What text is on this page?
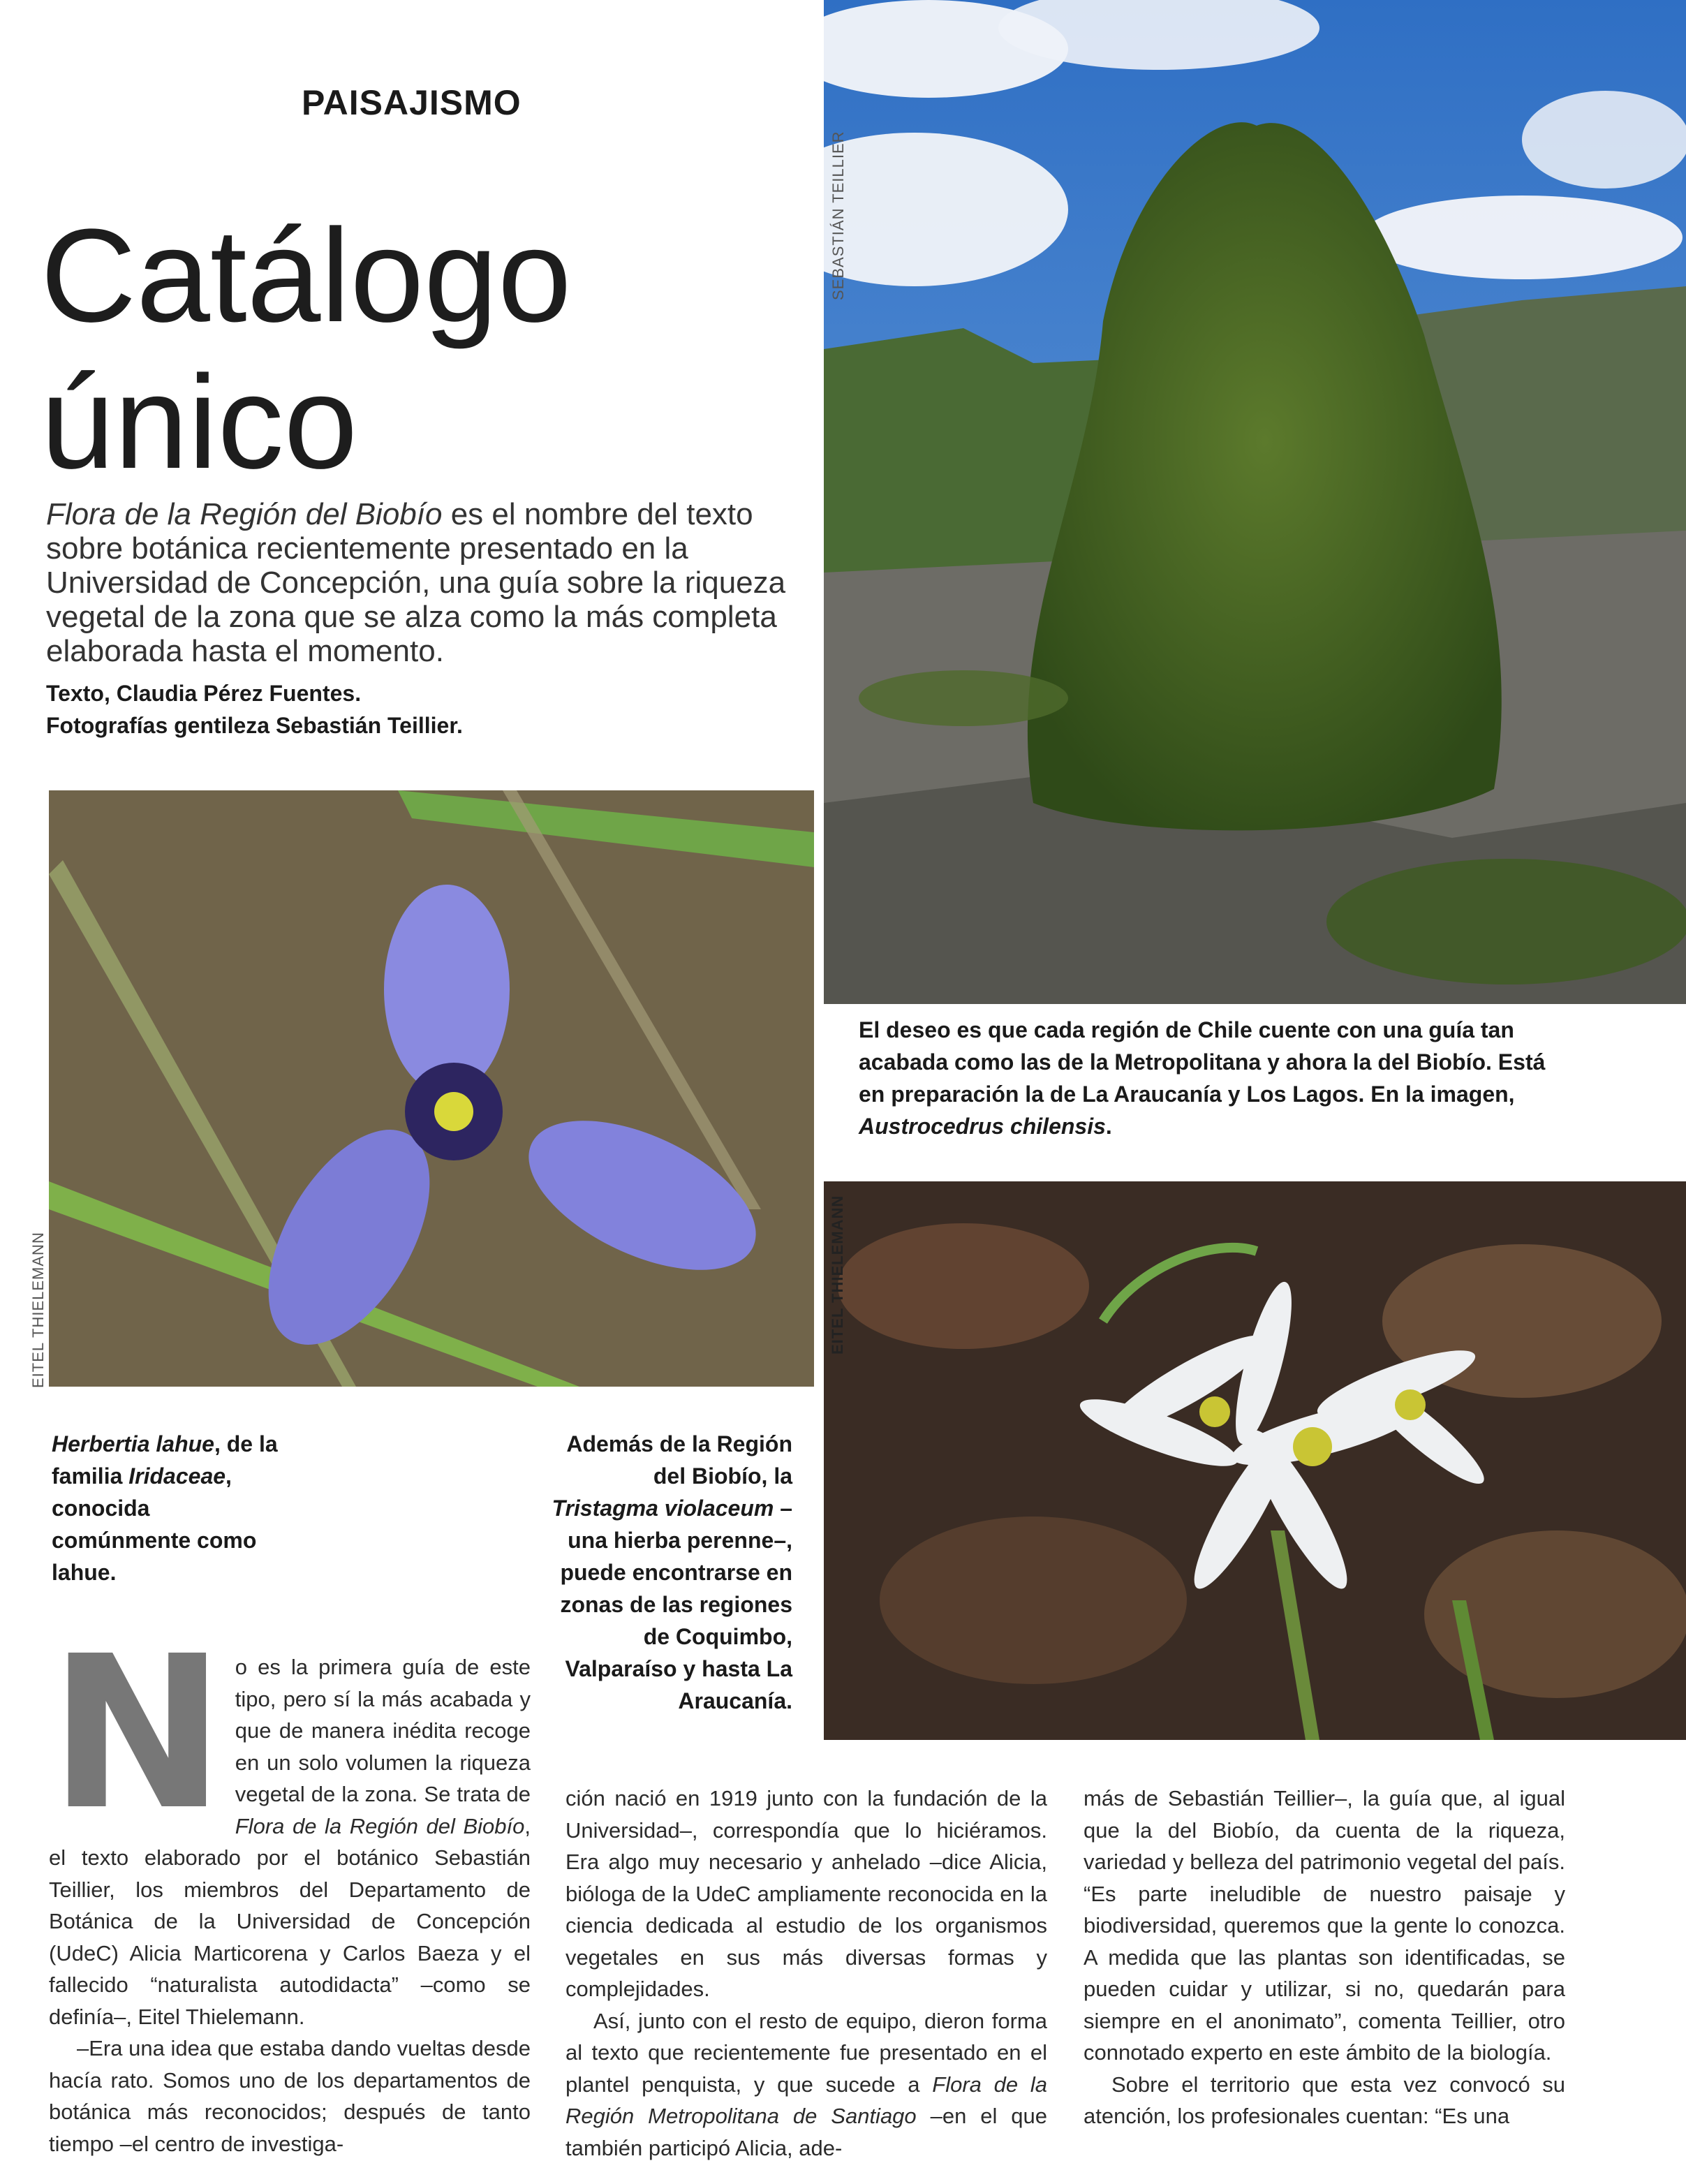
PAISAJISMO
Catálogo
único
Flora de la Región del Biobío es el nombre del texto sobre botánica recientemente presentado en la Universidad de Concepción, una guía sobre la riqueza vegetal de la zona que se alza como la más completa elaborada hasta el momento.
Texto, Claudia Pérez Fuentes.
Fotografías gentileza Sebastián Teillier.
SEBASTIÁN TEILLIER
EITEL THIELEMANN
El deseo es que cada región de Chile cuente con una guía tan acabada como las de la Metropolitana y ahora la del Biobío. Está en preparación la de La Araucanía y Los Lagos. En la imagen, Austrocedrus chilensis.
EITEL THIELEMANN
Herbertia lahue, de la familia Iridaceae, conocida comúnmente como lahue.
Además de la Región del Biobío, la Tristagma violaceum –una hierba perenne–, puede encontrarse en zonas de las regiones de Coquimbo, Valparaíso y hasta La Araucanía.

No es la primera guía de este tipo, pero sí la más acabada y que de manera inédita recoge en un solo volumen la riqueza vegetal de la zona. Se trata de Flora de la Región del Biobío, el texto elaborado por el botánico Sebastián Teillier, los miembros del Departamento de Botánica de la Universidad de Concepción (UdeC) Alicia Marticorena y Carlos Baeza y el fallecido “naturalista autodidacta” –como se definía–, Eitel Thielemann.

–Era una idea que estaba dando vueltas desde hacía rato. Somos uno de los departamentos de botánica más reconocidos; después de tanto tiempo –el centro de investiga-

ción nació en 1919 junto con la fundación de la Universidad–, correspondía que lo hiciéramos. Era algo muy necesario y anhelado –dice Alicia, bióloga de la UdeC ampliamente reconocida en la ciencia dedicada al estudio de los organismos vegetales en sus más diversas formas y complejidades.

Así, junto con el resto de equipo, dieron forma al texto que recientemente fue presentado en el plantel penquista, y que sucede a Flora de la Región Metropolitana de Santiago –en el que también participó Alicia, ade-

más de Sebastián Teillier–, la guía que, al igual que la del Biobío, da cuenta de la riqueza, variedad y belleza del patrimonio vegetal del país. “Es parte ineludible de nuestro paisaje y biodiversidad, queremos que la gente lo conozca. A medida que las plantas son identificadas, se pueden cuidar y utilizar, si no, quedarán para siempre en el anonimato”, comenta Teillier, otro connotado experto en este ámbito de la biología.

Sobre el territorio que esta vez convocó su atención, los profesionales cuentan: “Es una
